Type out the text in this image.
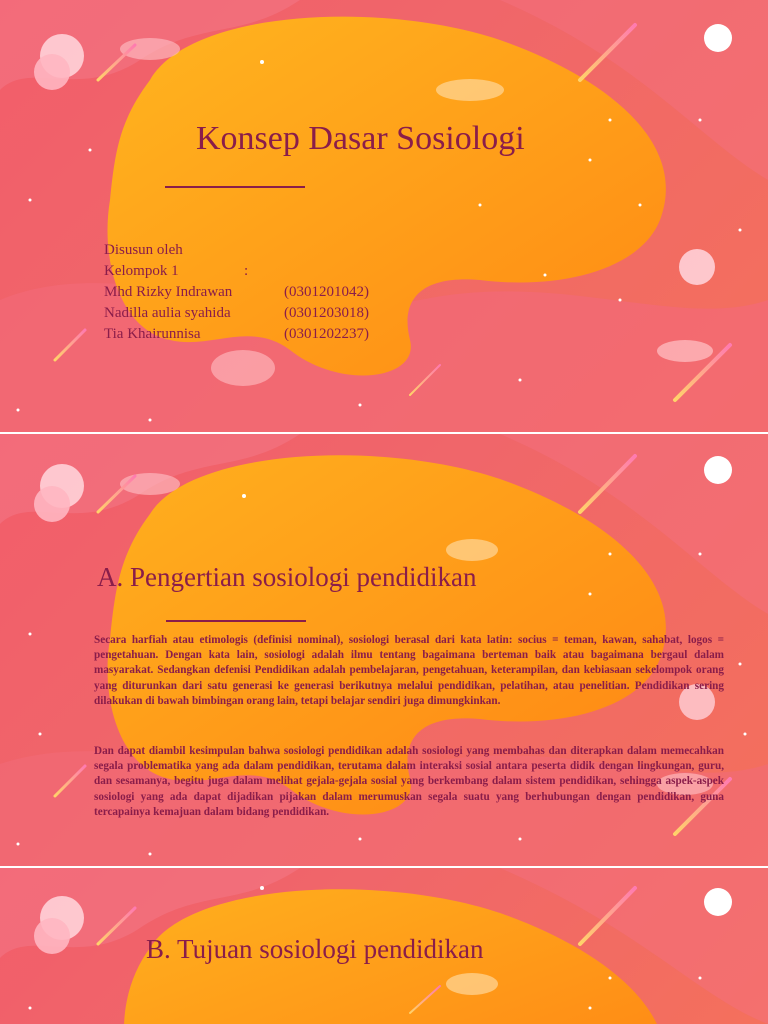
Konsep Dasar Sosiologi
Disusun oleh
Kelompok 1	:
Mhd Rizky Indrawan	(0301201042)
Nadilla aulia syahida	(0301203018)
Tia Khairunnisa	(0301202237)
A. Pengertian sosiologi pendidikan

Secara harfiah atau etimologis (definisi nominal), sosiologi berasal dari kata latin: socius = teman, kawan, sahabat, logos = pengetahuan. Dengan kata lain, sosiologi adalah ilmu tentang bagaimana berteman baik atau bagaimana bergaul dalam masyarakat. Sedangkan defenisi Pendidikan adalah pembelajaran, pengetahuan, keterampilan, dan kebiasaan sekelompok orang yang diturunkan dari satu generasi ke generasi berikutnya melalui pendidikan, pelatihan, atau penelitian. Pendidikan sering dilakukan di bawah bimbingan orang lain, tetapi belajar sendiri juga dimungkinkan.

Dan dapat diambil kesimpulan bahwa sosiologi pendidikan adalah sosiologi yang membahas dan diterapkan dalam memecahkan segala problematika yang ada dalam pendidikan, terutama dalam interaksi sosial antara peserta didik dengan lingkungan, guru, dan sesamanya, begitu juga dalam melihat gejala-gejala sosial yang berkembang dalam sistem pendidikan, sehingga aspek-aspek sosiologi yang ada dapat dijadikan pijakan dalam merumuskan segala suatu yang berhubungan dengan pendidikan, guna tercapainya kemajuan dalam bidang pendidikan.

B. Tujuan sosiologi pendidikan
